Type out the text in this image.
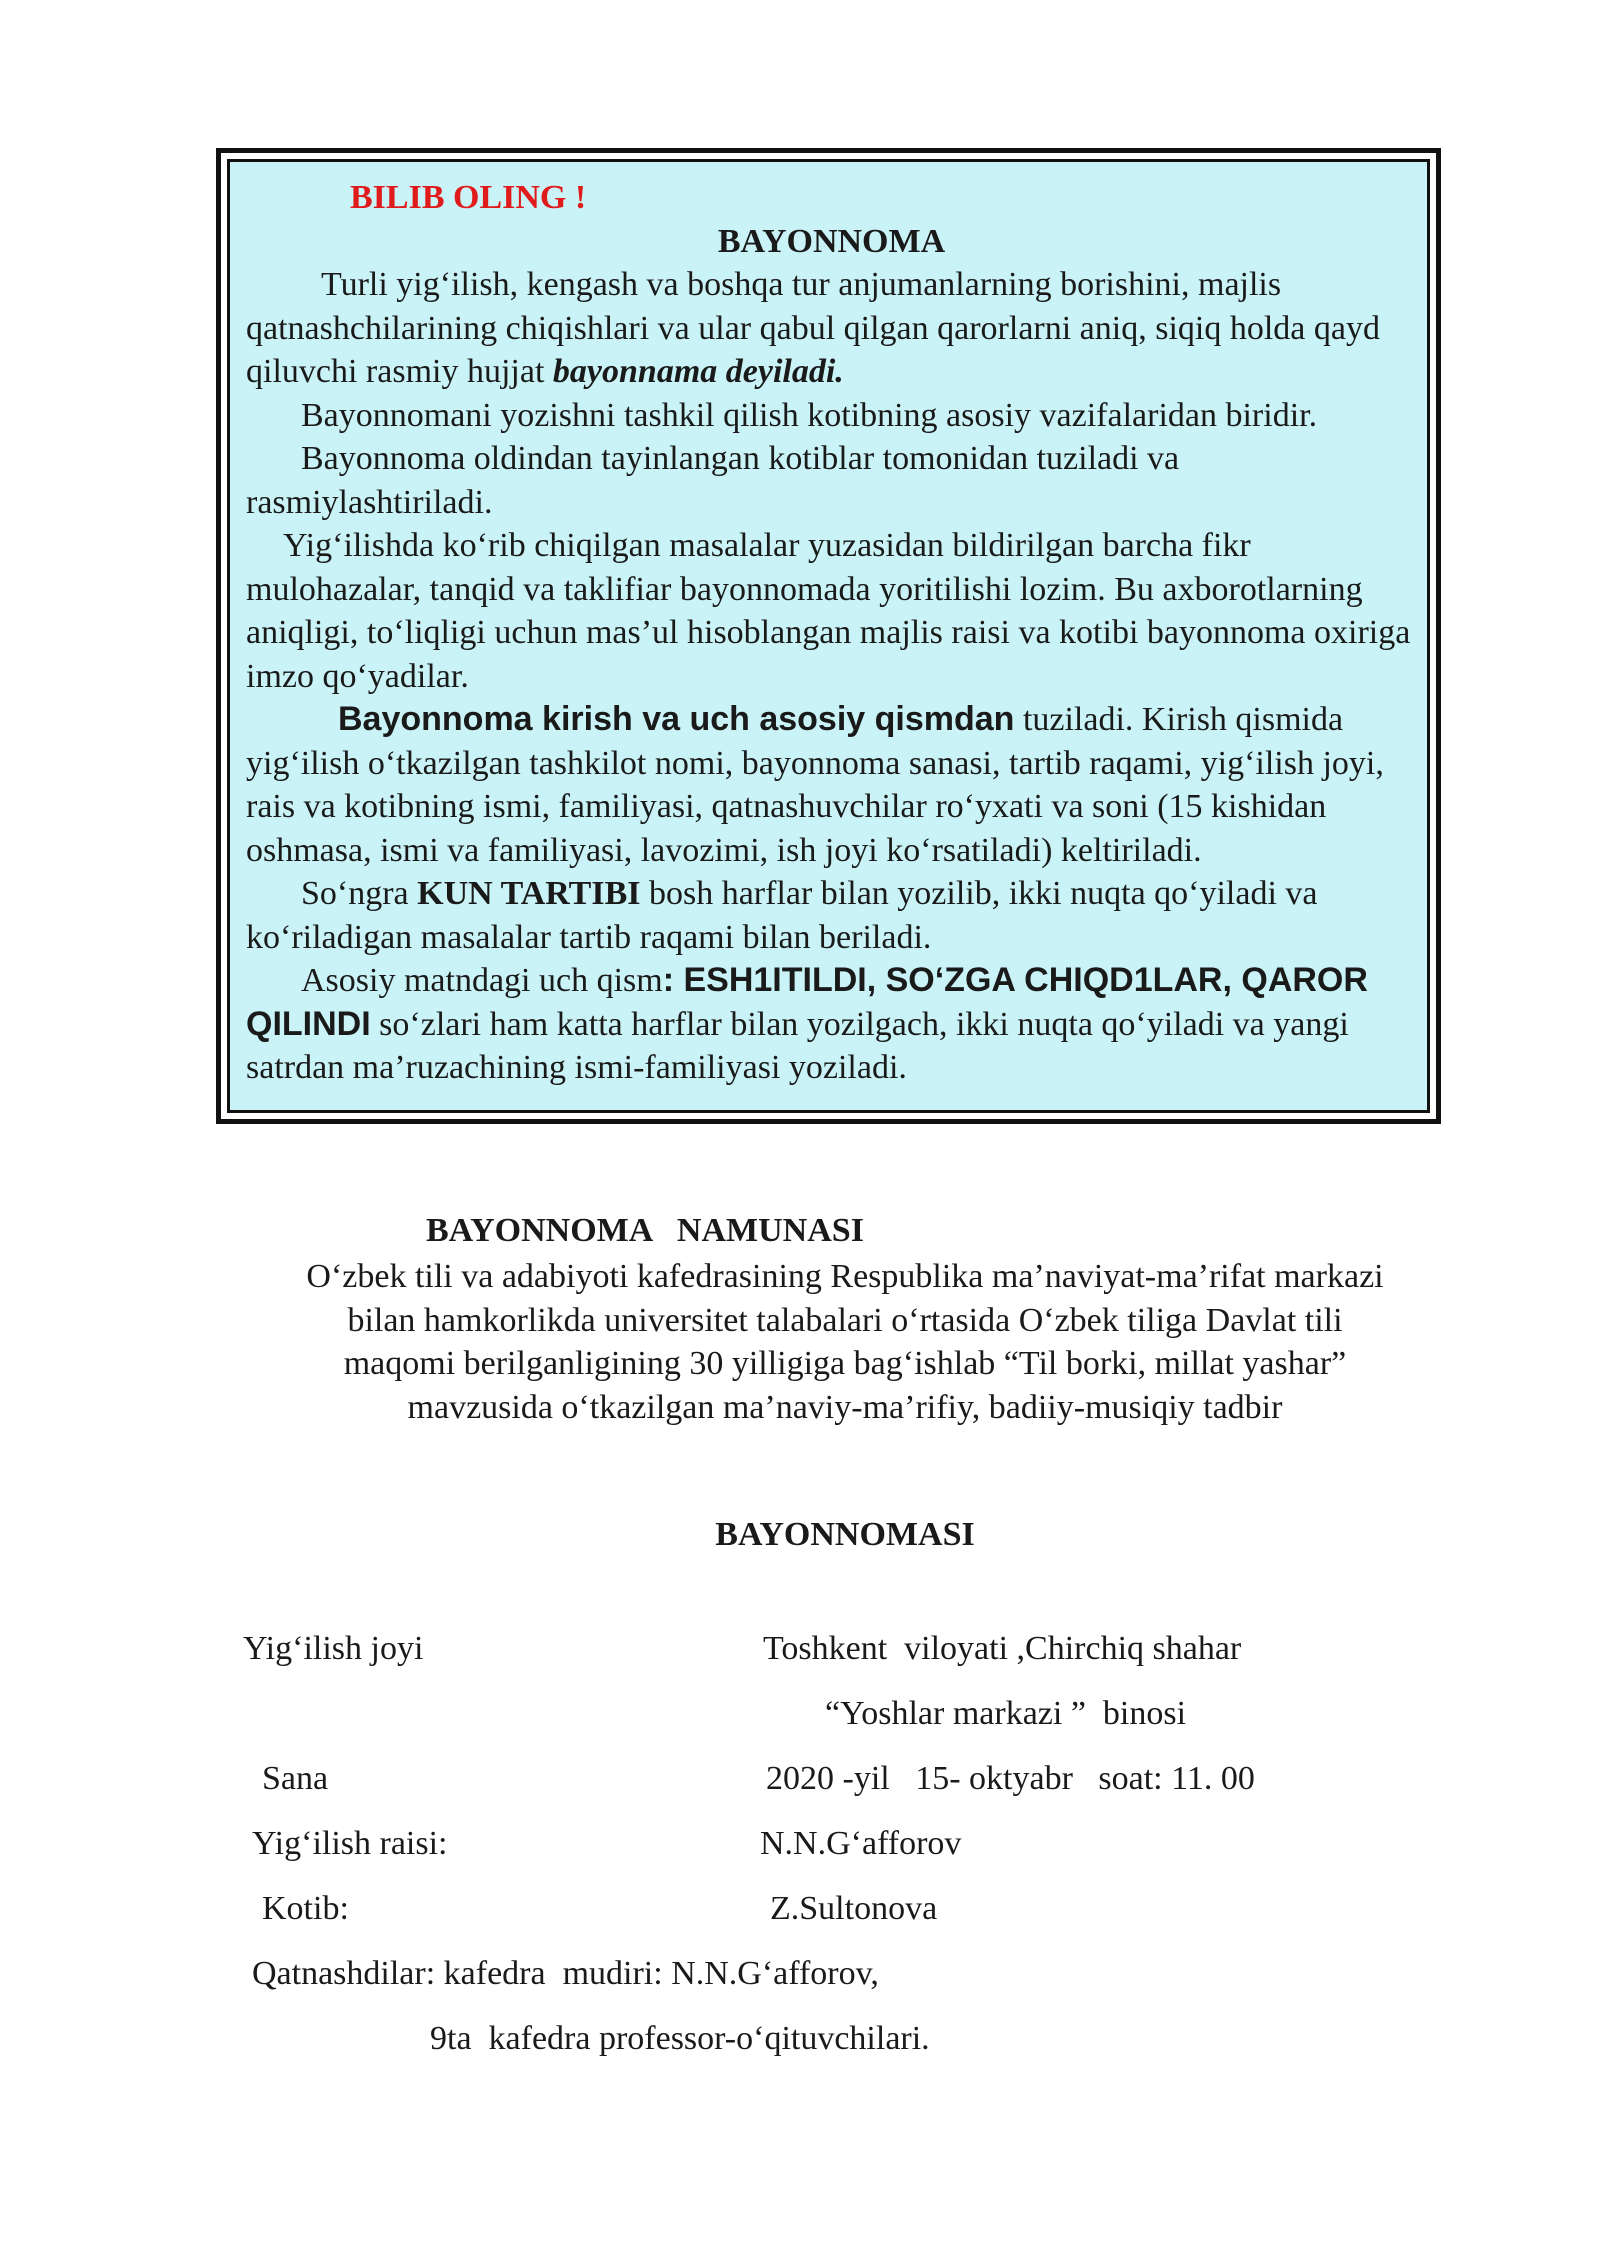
BILIB OLING !

BAYONNOMA

Turli yig‘ilish, kengash va boshqa tur anjumanlarning borishini, majlis qatnashchilarining chiqishlari va ular qabul qilgan qarorlarni aniq, siqiq holda qayd qiluvchi rasmiy hujjat bayonnama deyiladi.

Bayonnomani yozishni tashkil qilish kotibning asosiy vazifalaridan biridir.

Bayonnoma oldindan tayinlangan kotiblar tomonidan tuziladi va rasmiylashtiriladi.

Yig‘ilishda ko‘rib chiqilgan masalalar yuzasidan bildirilgan barcha fikr mulohazalar, tanqid va taklifiar bayonnomada yoritilishi lozim. Bu axborotlarning aniqligi, to‘liqligi uchun mas’ul hisoblangan majlis raisi va kotibi bayonnoma oxiriga imzo qo‘yadilar.

Bayonnoma kirish va uch asosiy qismdan tuziladi. Kirish qismida yig‘ilish o‘tkazilgan tashkilot nomi, bayonnoma sanasi, tartib raqami, yig‘ilish joyi, rais va kotibning ismi, familiyasi, qatnashuvchilar ro‘yxati va soni (15 kishidan oshmasa, ismi va familiyasi, lavozimi, ish joyi ko‘rsatiladi) keltiriladi.

So‘ngra KUN TARTIBI bosh harflar bilan yozilib, ikki nuqta qo‘yiladi va ko‘riladigan masalalar tartib raqami bilan beriladi.

Asosiy matndagi uch qism: ESH1ITILDI, SO‘ZGA CHIQD1LAR, QAROR QILINDI so‘zlari ham katta harflar bilan yozilgach, ikki nuqta qo‘yiladi va yangi satrdan ma’ruzachining ismi-familiyasi yoziladi.

BAYONNOMA   NAMUNASI

O‘zbek tili va adabiyoti kafedrasining Respublika ma’naviyat-ma’rifat markazi
bilan hamkorlikda universitet talabalari o‘rtasida O‘zbek tiliga Davlat tili
maqomi berilganligining 30 yilligiga bag‘ishlab “Til borki, millat yashar”
mavzusida o‘tkazilgan ma’naviy-ma’rifiy, badiiy-musiqiy tadbir

BAYONNOMASI
Yig‘ilish joyi	Toshkent  viloyati ,Chirchiq shahar
“Yoshlar markazi ”  binosi
Sana	2020 -yil   15- oktyabr   soat: 11. 00
Yig‘ilish raisi:	N.N.G‘afforov
Kotib:	Z.Sultonova
Qatnashdilar: kafedra  mudiri: N.N.G‘afforov,
9ta  kafedra professor-o‘qituvchilari.
